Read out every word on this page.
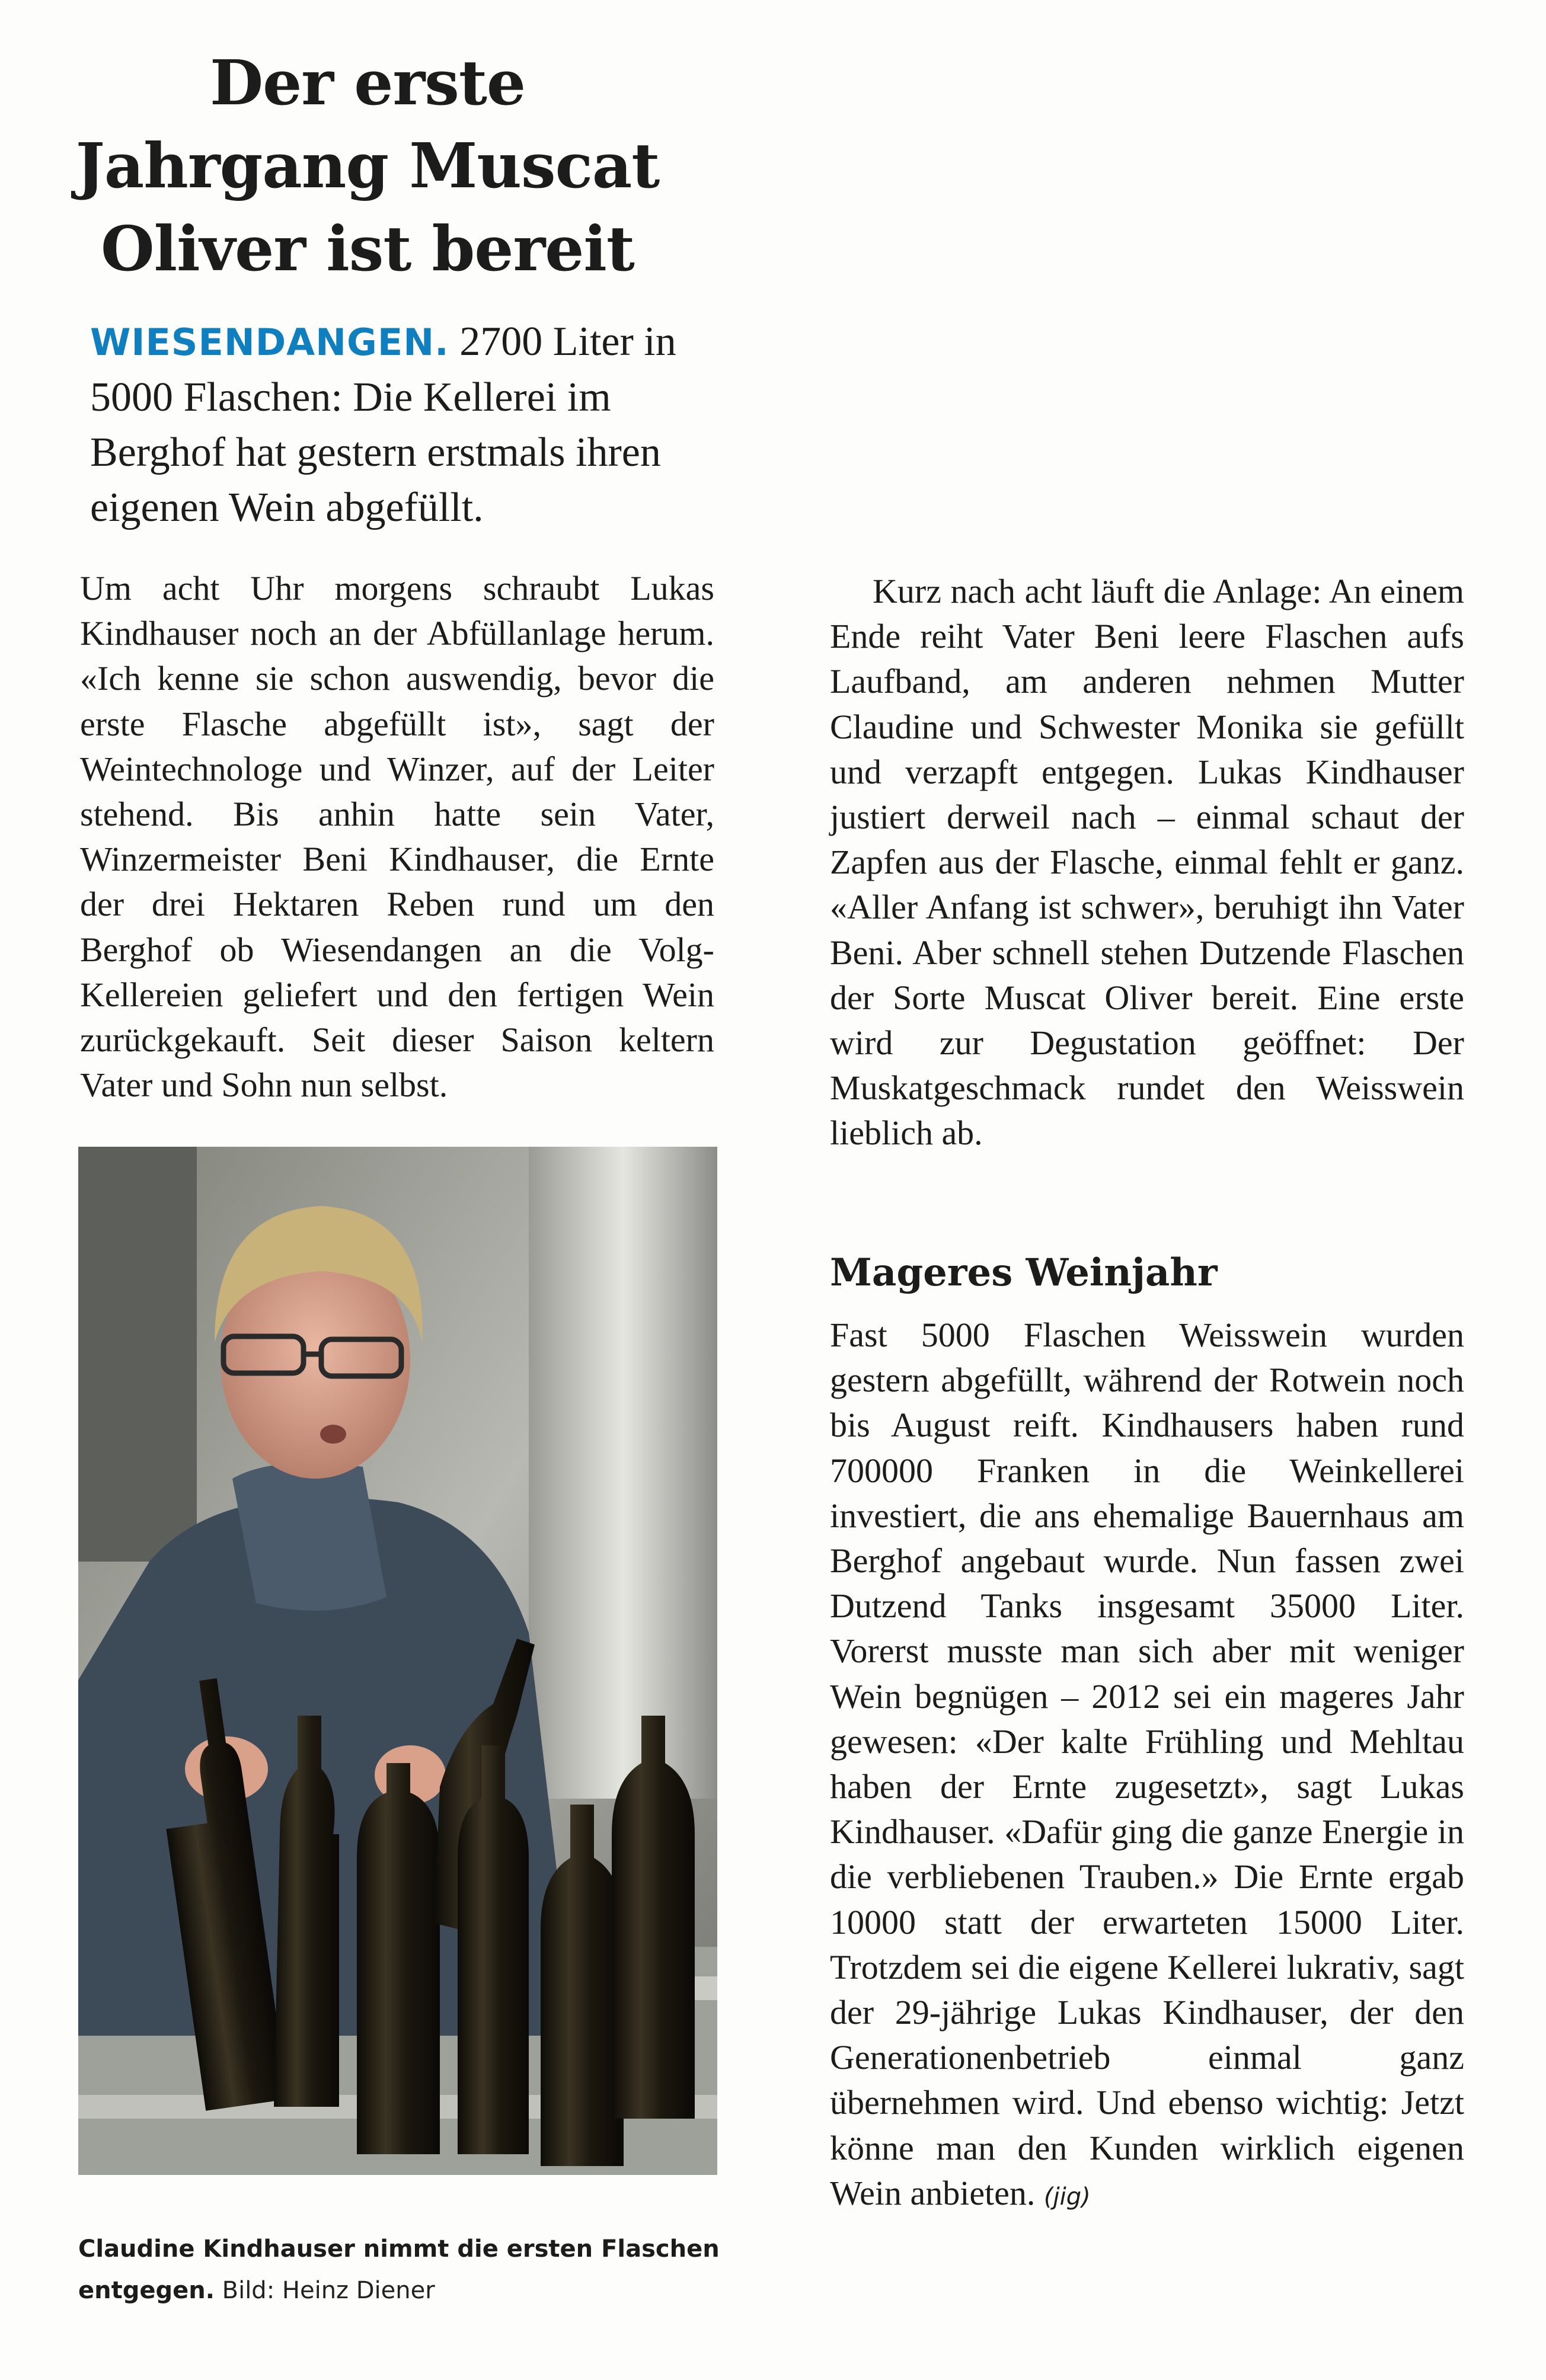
Der erste
Jahrgang Muscat
Oliver ist bereit
WIESENDANGEN. 2700 Liter in 5000 Flaschen: Die Kellerei im Berghof hat gestern erstmals ihren eigenen Wein abgefüllt.

Um acht Uhr morgens schraubt Lukas Kindhauser noch an der Abfüllanlage herum. «Ich kenne sie schon auswendig, bevor die erste Flasche abgefüllt ist», sagt der Weintechnologe und Winzer, auf der Leiter stehend. Bis anhin hatte sein Vater, Winzermeister Beni Kindhauser, die Ernte der drei Hektaren Reben rund um den Berghof ob Wiesendangen an die Volg-Kellereien geliefert und den fertigen Wein zurückgekauft. Seit dieser Saison keltern Vater und Sohn nun selbst.

Claudine Kindhauser nimmt die ersten Flaschen entgegen. Bild: Heinz Diener

Kurz nach acht läuft die Anlage: An einem Ende reiht Vater Beni leere Flaschen aufs Laufband, am anderen nehmen Mutter Claudine und Schwester Monika sie gefüllt und verzapft entgegen. Lukas Kindhauser justiert derweil nach – einmal schaut der Zapfen aus der Flasche, einmal fehlt er ganz. «Aller Anfang ist schwer», beruhigt ihn Vater Beni. Aber schnell stehen Dutzende Flaschen der Sorte Muscat Oliver bereit. Eine erste wird zur Degustation geöffnet: Der Muskatgeschmack rundet den Weisswein lieblich ab.

Mageres Weinjahr

Fast 5000 Flaschen Weisswein wurden gestern abgefüllt, während der Rotwein noch bis August reift. Kindhausers haben rund 700000 Franken in die Weinkellerei investiert, die ans ehemalige Bauernhaus am Berghof angebaut wurde. Nun fassen zwei Dutzend Tanks insgesamt 35000 Liter. Vorerst musste man sich aber mit weniger Wein begnügen – 2012 sei ein mageres Jahr gewesen: «Der kalte Frühling und Mehltau haben der Ernte zugesetzt», sagt Lukas Kindhauser. «Dafür ging die ganze Energie in die verbliebenen Trauben.» Die Ernte ergab 10000 statt der erwarteten 15000 Liter. Trotzdem sei die eigene Kellerei lukrativ, sagt der 29-jährige Lukas Kindhauser, der den Generationenbetrieb einmal ganz übernehmen wird. Und ebenso wichtig: Jetzt könne man den Kunden wirklich eigenen Wein anbieten. (jig)
